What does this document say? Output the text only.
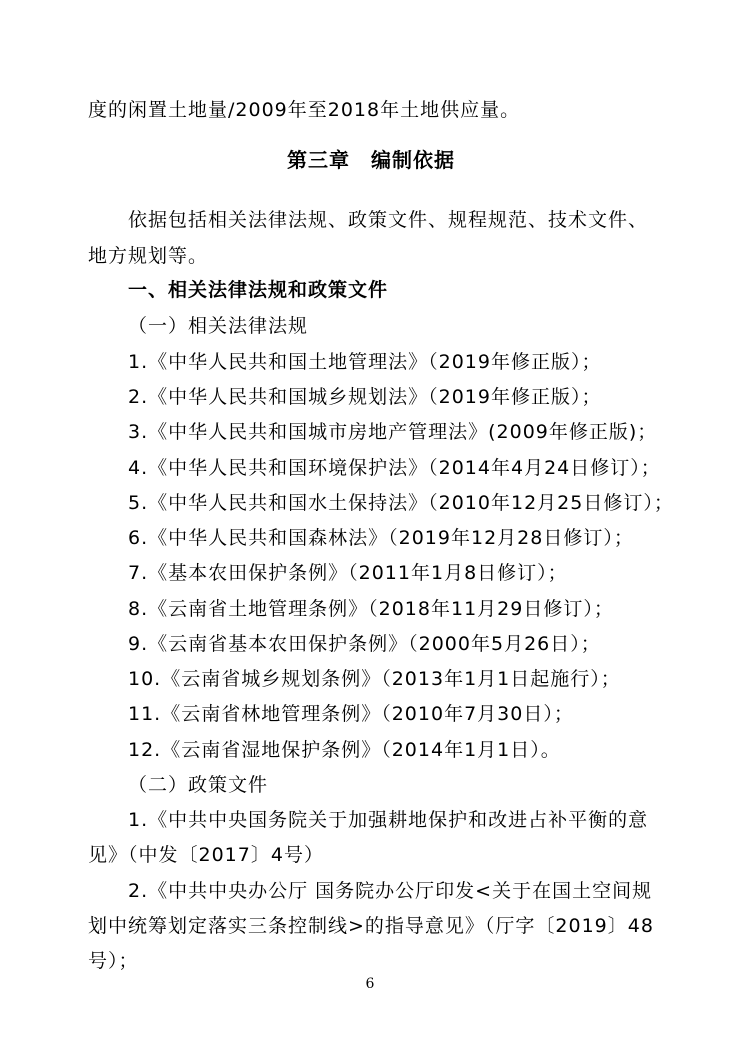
度的闲置土地量/2009年至2018年土地供应量。
第三章　编制依据
依据包括相关法律法规、政策文件、规程规范、技术文件、
地方规划等。
一、相关法律法规和政策文件
（一）相关法律法规
1.《中华人民共和国土地管理法》（2019年修正版）；
2.《中华人民共和国城乡规划法》（2019年修正版）；
3.《中华人民共和国城市房地产管理法》(2009年修正版)；
4.《中华人民共和国环境保护法》（2014年4月24日修订）；
5.《中华人民共和国水土保持法》（2010年12月25日修订）；
6.《中华人民共和国森林法》（2019年12月28日修订）；
7.《基本农田保护条例》（2011年1月8日修订）；
8.《云南省土地管理条例》（2018年11月29日修订）；
9.《云南省基本农田保护条例》（2000年5月26日）；
10.《云南省城乡规划条例》（2013年1月1日起施行）；
11.《云南省林地管理条例》（2010年7月30日）；
12.《云南省湿地保护条例》（2014年1月1日）。
（二）政策文件
1.《中共中央国务院关于加强耕地保护和改进占补平衡的意
见》（中发〔2017〕4号）
2.《中共中央办公厅 国务院办公厅印发<关于在国土空间规
划中统筹划定落实三条控制线>的指导意见》（厅字〔2019〕48
号）；
6
